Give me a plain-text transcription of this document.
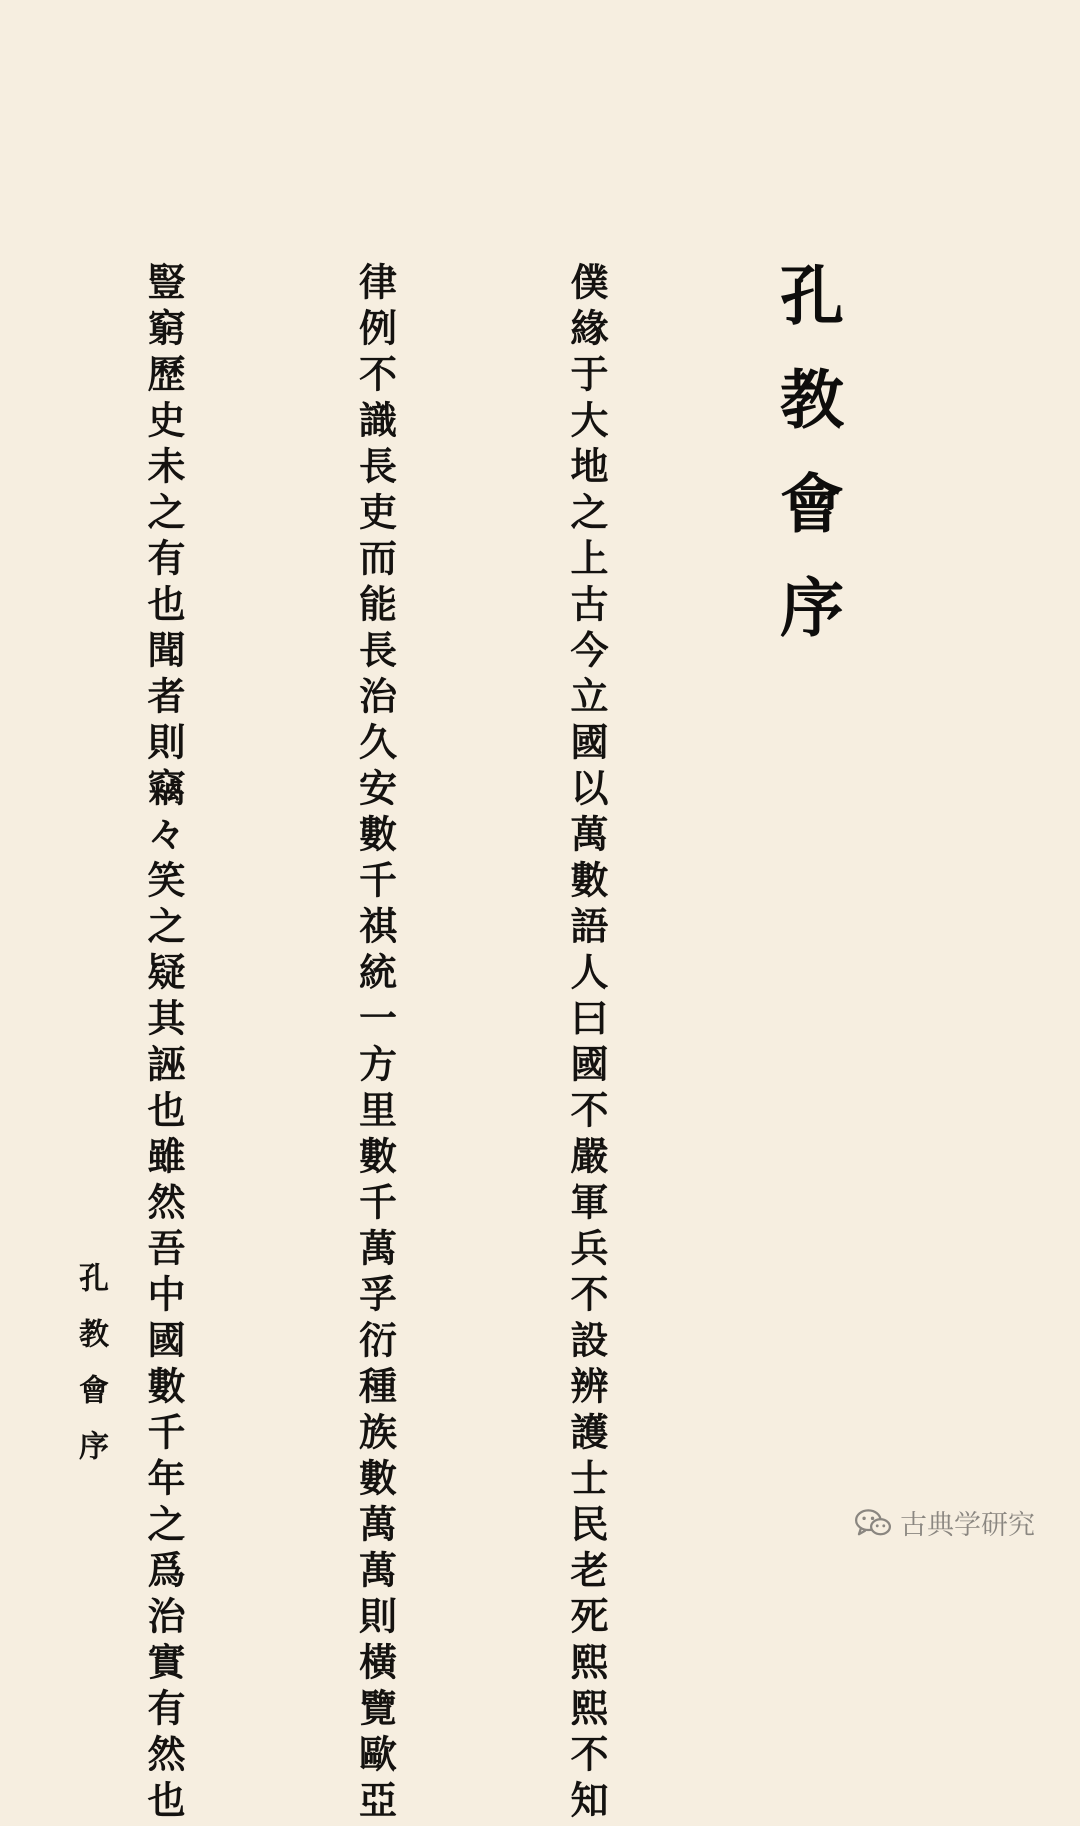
孔教會序

僕緣于大地之上古今立國以萬數語人曰國不嚴軍兵不設辨護士民老死熙熙不知

律例不識長吏而能長治久安數千祺統一方里數千萬孚衍種族數萬萬則橫覽歐亞

豎窮歷史未之有也聞者則竊々笑之疑其誣也雖然吾中國數千年之爲治實有然也

孔教會序
古典学研究
